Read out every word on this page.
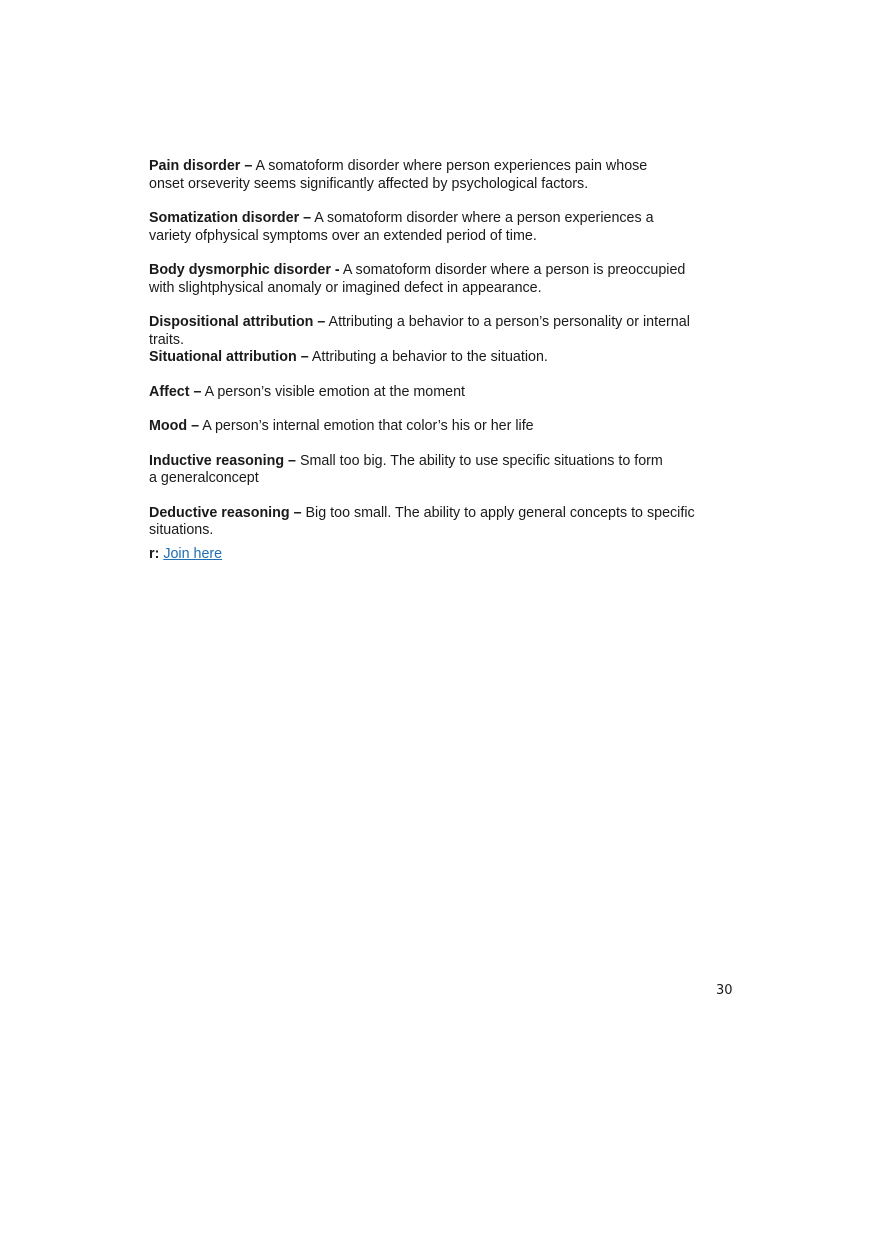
Pain disorder – A somatoform disorder where person experiences pain whose
onset orseverity seems significantly affected by psychological factors.

Somatization disorder – A somatoform disorder where a person experiences a
variety ofphysical symptoms over an extended period of time.

Body dysmorphic disorder - A somatoform disorder where a person is preoccupied
with slightphysical anomaly or imagined defect in appearance.

Dispositional attribution – Attributing a behavior to a person’s personality or internal
traits.

Situational attribution – Attributing a behavior to the situation.

Affect – A person’s visible emotion at the moment

Mood – A person’s internal emotion that color’s his or her life

Inductive reasoning – Small too big. The ability to use specific situations to form
a generalconcept

Deductive reasoning – Big too small. The ability to apply general concepts to specific
situations.

r: Join here

30
